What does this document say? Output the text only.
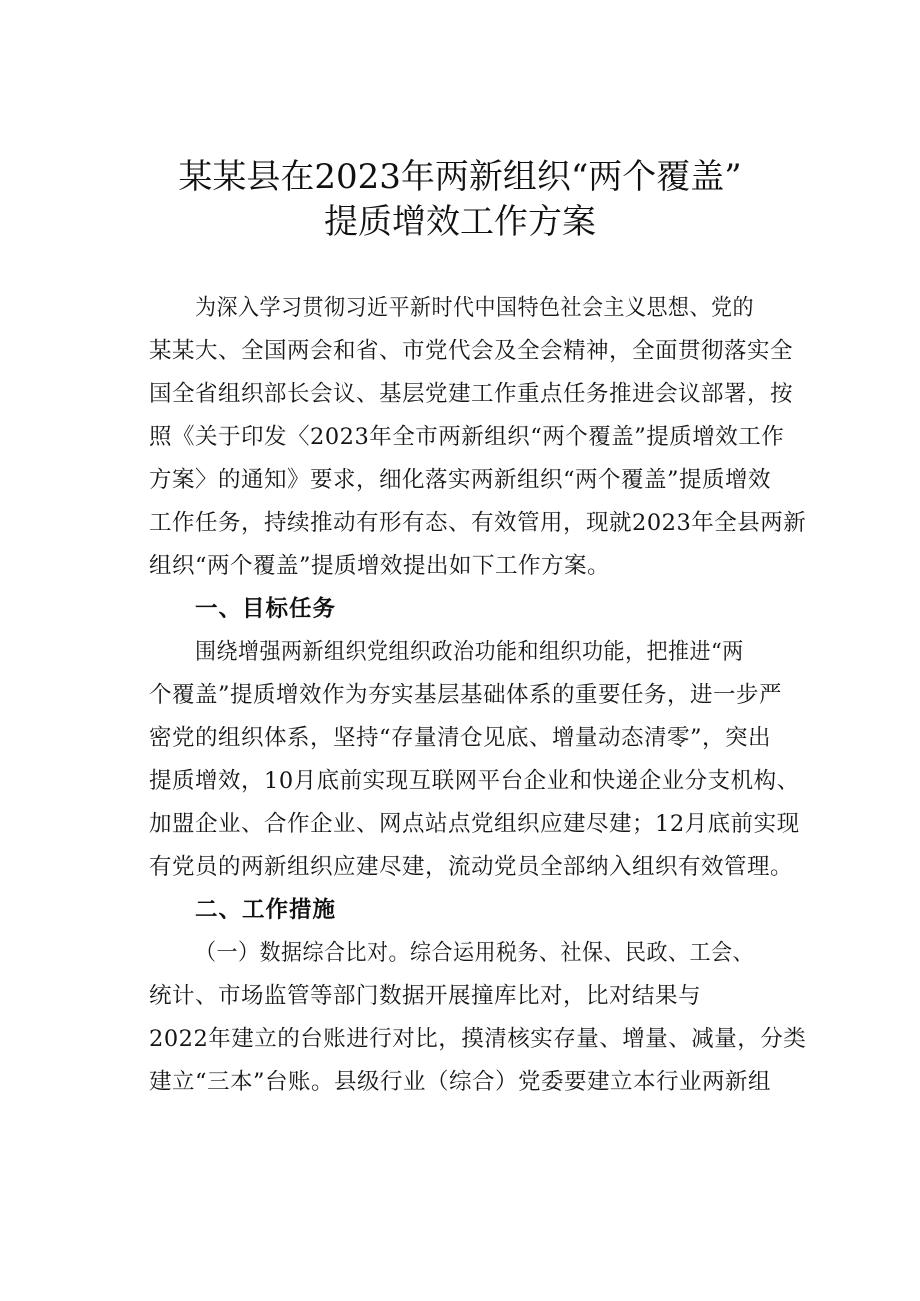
某某县在2023年两新组织“两个覆盖”
提质增效工作方案
为深入学习贯彻习近平新时代中国特色社会主义思想、党的
某某大、全国两会和省、市党代会及全会精神，全面贯彻落实全
国全省组织部长会议、基层党建工作重点任务推进会议部署，按
照《关于印发〈2023年全市两新组织“两个覆盖”提质增效工作
方案〉的通知》要求，细化落实两新组织“两个覆盖”提质增效
工作任务，持续推动有形有态、有效管用，现就2023年全县两新
组织“两个覆盖”提质增效提出如下工作方案。
一、目标任务
围绕增强两新组织党组织政治功能和组织功能，把推进“两
个覆盖”提质增效作为夯实基层基础体系的重要任务，进一步严
密党的组织体系，坚持“存量清仓见底、增量动态清零”，突出
提质增效，10月底前实现互联网平台企业和快递企业分支机构、
加盟企业、合作企业、网点站点党组织应建尽建；12月底前实现
有党员的两新组织应建尽建，流动党员全部纳入组织有效管理。
二、工作措施
（一）数据综合比对。综合运用税务、社保、民政、工会、
统计、市场监管等部门数据开展撞库比对，比对结果与
2022年建立的台账进行对比，摸清核实存量、增量、减量，分类
建立“三本”台账。县级行业（综合）党委要建立本行业两新组
